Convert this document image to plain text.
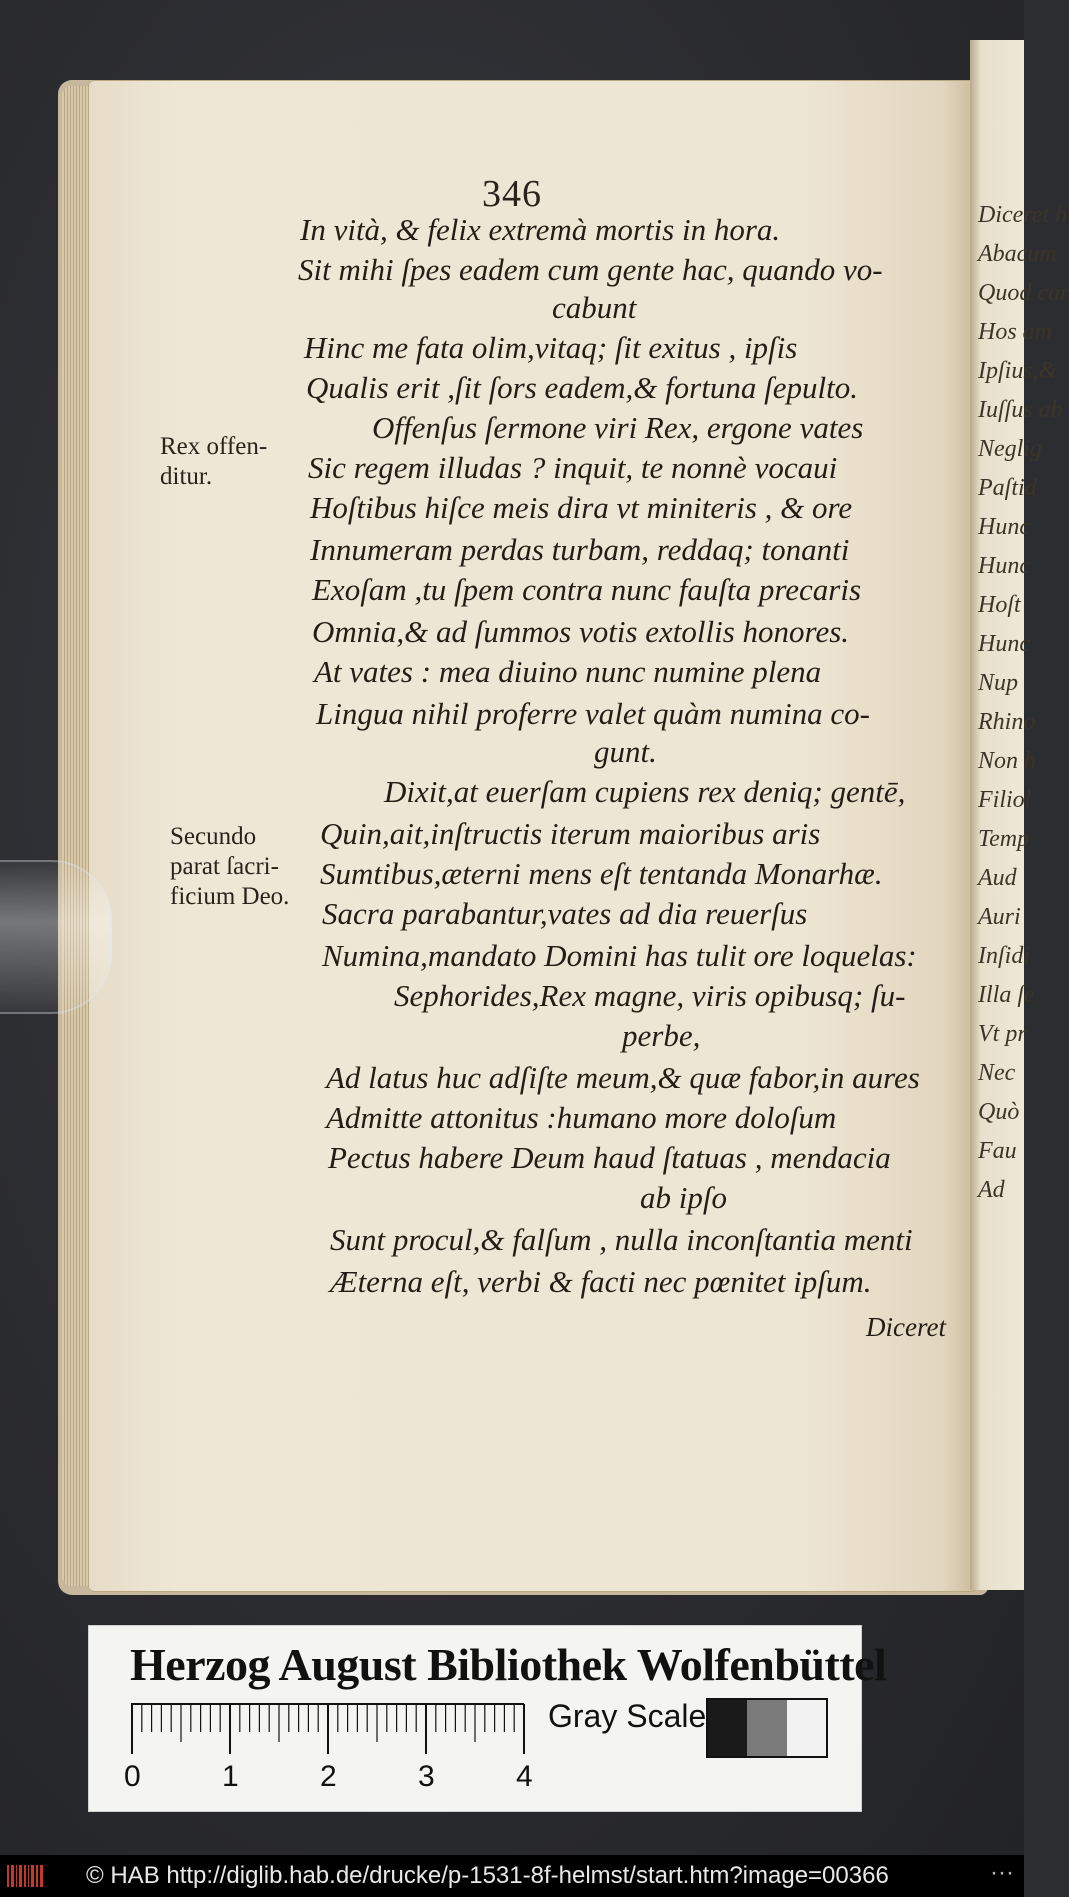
Diceret h
Abacum
Quod car
Hos am
Ipſius,&
Iuſſus ab
Neglig
Paſtid
Hunc
Hunc
Hoſt
Hunc
Nup
Rhino
Non h
Filiol
Temp
Aud
Auri
Inſidi
Illa ſe
Vt pr
Nec
Quò
Fau
Ad
346
In vità, & felix extremà mortis in hora.
Sit mihi ſpes eadem cum gente hac, quando vo-
cabunt
Hinc me fata olim,vitaq; ſit exitus , ipſis
Qualis erit ,ſit ſors eadem,& fortuna ſepulto.
Offenſus ſermone viri Rex, ergone vates
Sic regem illudas ? inquit, te nonnè vocaui
Hoſtibus hiſce meis dira vt miniteris , & ore
Innumeram perdas turbam, reddaq; tonanti
Exoſam ,tu ſpem contra nunc fauſta precaris
Omnia,& ad ſummos votis extollis honores.
At vates : mea diuino nunc numine plena
Lingua nihil proferre valet quàm numina co-
gunt.
Dixit,at euerſam cupiens rex deniq; gentē,
Quin,ait,inſtructis iterum maioribus aris
Sumtibus,æterni mens eſt tentanda Monarhæ.
Sacra parabantur,vates ad dia reuerſus
Numina,mandato Domini has tulit ore loquelas:
Sephorides,Rex magne, viris opibusq; ſu-
perbe,
Ad latus huc adſiſte meum,& quæ fabor,in aures
Admitte attonitus :humano more doloſum
Pectus habere Deum haud ſtatuas , mendacia
ab ipſo
Sunt procul,& falſum , nulla inconſtantia menti
Æterna eſt, verbi & facti nec pœnitet ipſum.
Rex offen-
ditur.
Secundo
parat ſacri-
ficium Deo.
Diceret
Herzog August Bibliothek Wolfenbüttel
0	1	2	3	4
Gray Scale
© HAB http://diglib.hab.de/drucke/p-1531-8f-helmst/start.htm?image=00366	···
